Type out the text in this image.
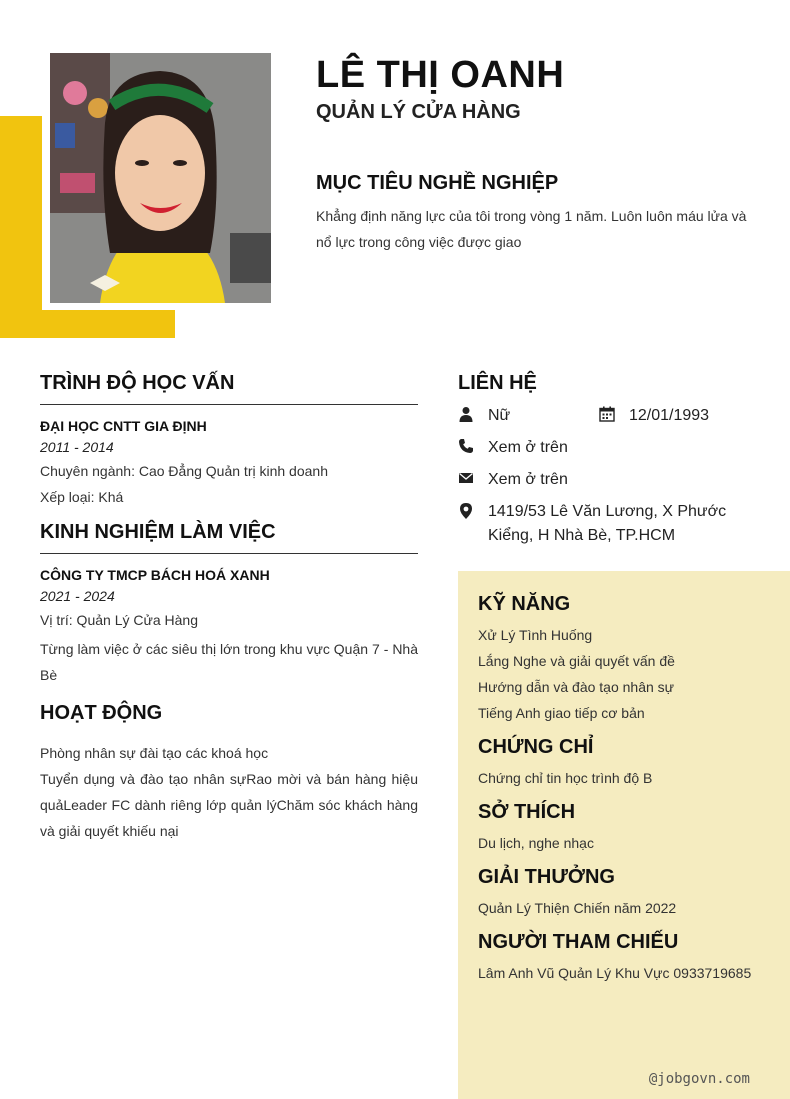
LÊ THỊ OANH
QUẢN LÝ CỬA HÀNG
MỤC TIÊU NGHỀ NGHIỆP

Khẳng định năng lực của tôi trong vòng 1 năm. Luôn luôn máu lửa và nổ lực trong công việc được giao

TRÌNH ĐỘ HỌC VẤN

ĐẠI HỌC CNTT GIA ĐỊNH

2011 - 2014

Chuyên ngành: Cao Đẳng Quản trị kinh doanh

Xếp loại: Khá

KINH NGHIỆM LÀM VIỆC

CÔNG TY TMCP BÁCH HOÁ XANH

2021 - 2024

Vị trí: Quản Lý Cửa Hàng

Từng làm việc ở các siêu thị lớn trong khu vực Quận 7 - Nhà Bè

HOẠT ĐỘNG

Phòng nhân sự đài tạo các khoá học

Tuyển dụng và đào tạo nhân sựRao mời và bán hàng hiệu quảLeader FC dành riêng lớp quản lýChăm sóc khách hàng và giải quyết khiếu nại

LIÊN HỆ
Nữ	12/01/1993
Xem ở trên
Xem ở trên
1419/53 Lê Văn Lương, X Phước Kiểng, H Nhà Bè, TP.HCM
KỸ NĂNG

Xử Lý Tình Huống

Lắng Nghe và giải quyết vấn đề

Hướng dẫn và đào tạo nhân sự

Tiếng Anh giao tiếp cơ bản

CHỨNG CHỈ

Chứng chỉ tin học trình độ B

SỞ THÍCH

Du lịch, nghe nhạc

GIẢI THƯỞNG

Quản Lý Thiện Chiến năm 2022

NGƯỜI THAM CHIẾU

Lâm Anh Vũ Quản Lý Khu Vực 0933719685

@jobgovn.com
